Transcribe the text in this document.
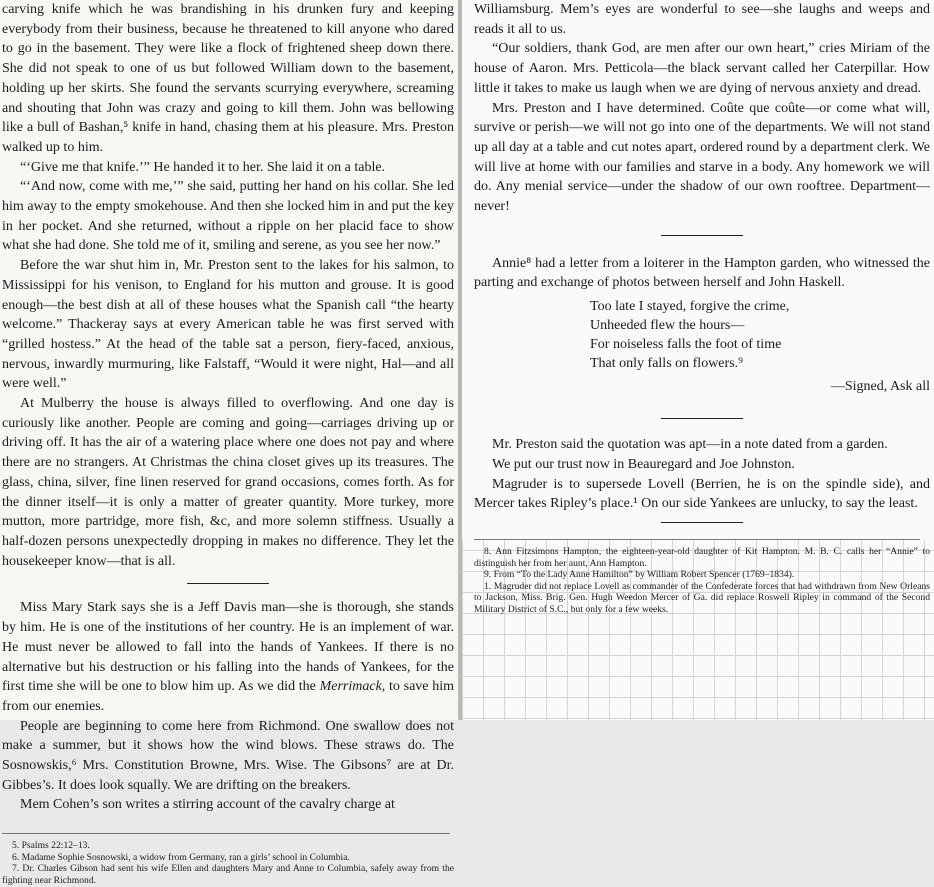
carving knife which he was brandishing in his drunken fury and keeping everybody from their business, because he threatened to kill anyone who dared to go in the basement. They were like a flock of frightened sheep down there. She did not speak to one of us but followed William down to the basement, holding up her skirts. She found the servants scurrying everywhere, screaming and shouting that John was crazy and going to kill them. John was bellowing like a bull of Bashan,⁵ knife in hand, chasing them at his pleasure. Mrs. Preston walked up to him.

“‘Give me that knife.’” He handed it to her. She laid it on a table.

“‘And now, come with me,’” she said, putting her hand on his collar. She led him away to the empty smokehouse. And then she locked him in and put the key in her pocket. And she returned, without a ripple on her placid face to show what she had done. She told me of it, smiling and serene, as you see her now.”

Before the war shut him in, Mr. Preston sent to the lakes for his salmon, to Mississippi for his venison, to England for his mutton and grouse. It is good enough—the best dish at all of these houses what the Spanish call “the hearty welcome.” Thackeray says at every American table he was first served with “grilled hostess.” At the head of the table sat a person, fiery-faced, anxious, nervous, inwardly murmuring, like Falstaff, “Would it were night, Hal—and all were well.”

At Mulberry the house is always filled to overflowing. And one day is curiously like another. People are coming and going—carriages driving up or driving off. It has the air of a watering place where one does not pay and where there are no strangers. At Christmas the china closet gives up its treasures. The glass, china, silver, fine linen reserved for grand occasions, comes forth. As for the dinner itself—it is only a matter of greater quantity. More turkey, more mutton, more partridge, more fish, &c, and more solemn stiffness. Usually a half-dozen persons unexpectedly dropping in makes no difference. They let the housekeeper know—that is all.

Miss Mary Stark says she is a Jeff Davis man—she is thorough, she stands by him. He is one of the institutions of her country. He is an implement of war. He must never be allowed to fall into the hands of Yankees. If there is no alternative but his destruction or his falling into the hands of Yankees, for the first time she will be one to blow him up. As we did the Merrimack, to save him from our enemies.

People are beginning to come here from Richmond. One swallow does not make a summer, but it shows how the wind blows. These straws do. The Sosnowskis,⁶ Mrs. Constitution Browne, Mrs. Wise. The Gibsons⁷ are at Dr. Gibbes’s. It does look squally. We are drifting on the breakers.

Mem Cohen’s son writes a stirring account of the cavalry charge at

5. Psalms 22:12–13.

6. Madame Sophie Sosnowski, a widow from Germany, ran a girls’ school in Columbia.

7. Dr. Charles Gibson had sent his wife Ellen and daughters Mary and Anne to Columbia, safely away from the fighting near Richmond.

Williamsburg. Mem’s eyes are wonderful to see—she laughs and weeps and reads it all to us.

“Our soldiers, thank God, are men after our own heart,” cries Miriam of the house of Aaron. Mrs. Petticola—the black servant called her Caterpillar. How little it takes to make us laugh when we are dying of nervous anxiety and dread.

Mrs. Preston and I have determined. Coûte que coûte—or come what will, survive or perish—we will not go into one of the departments. We will not stand up all day at a table and cut notes apart, ordered round by a department clerk. We will live at home with our families and starve in a body. Any homework we will do. Any menial service—under the shadow of our own rooftree. Department—never!

Annie⁸ had a letter from a loiterer in the Hampton garden, who witnessed the parting and exchange of photos between herself and John Haskell.

Too late I stayed, forgive the crime,
Unheeded flew the hours—
For noiseless falls the foot of time
That only falls on flowers.⁹
—Signed, Ask all

Mr. Preston said the quotation was apt—in a note dated from a garden.

We put our trust now in Beauregard and Joe Johnston.

Magruder is to supersede Lovell (Berrien, he is on the spindle side), and Mercer takes Ripley’s place.¹ On our side Yankees are unlucky, to say the least.

8. Ann Fitzsimons Hampton, the eighteen-year-old daughter of Kit Hampton. M. B. C. calls her “Annie” to distinguish her from her aunt, Ann Hampton.

9. From “To the Lady Anne Hamilton” by William Robert Spencer (1769–1834).

1. Magruder did not replace Lovell as commander of the Confederate forces that had withdrawn from New Orleans to Jackson, Miss. Brig. Gen. Hugh Weedon Mercer of Ga. did replace Roswell Ripley in command of the Second Military District of S.C., but only for a few weeks.
